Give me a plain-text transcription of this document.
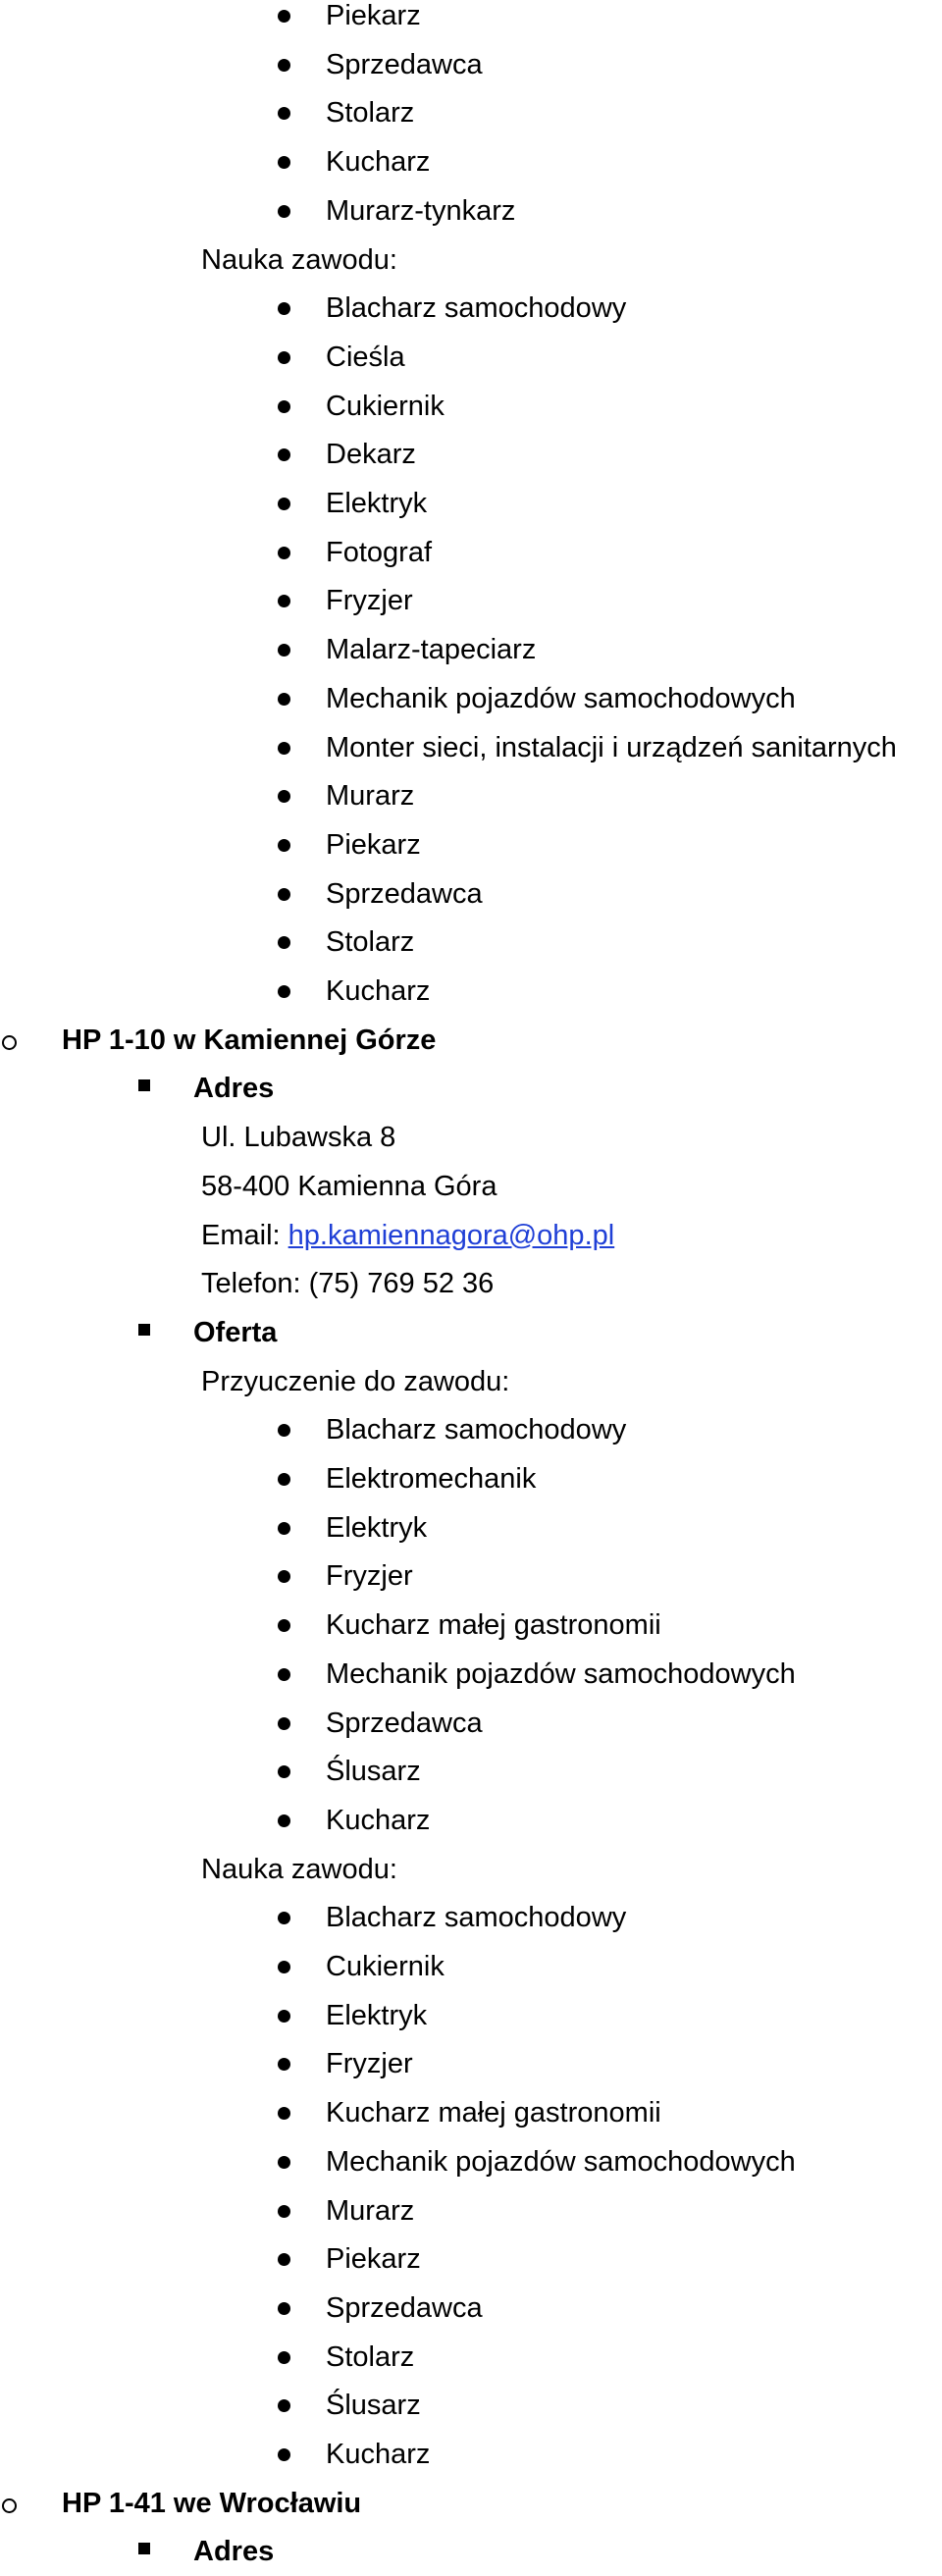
Piekarz
Sprzedawca
Stolarz
Kucharz
Murarz-tynkarz
Nauka zawodu:
Blacharz samochodowy
Cieśla
Cukiernik
Dekarz
Elektryk
Fotograf
Fryzjer
Malarz-tapeciarz
Mechanik pojazdów samochodowych
Monter sieci, instalacji i urządzeń sanitarnych
Murarz
Piekarz
Sprzedawca
Stolarz
Kucharz
HP 1-10 w Kamiennej Górze
Adres
Ul. Lubawska 8
58-400 Kamienna Góra
Email: hp.kamiennagora@ohp.pl
Telefon: (75) 769 52 36
Oferta
Przyuczenie do zawodu:
Blacharz samochodowy
Elektromechanik
Elektryk
Fryzjer
Kucharz małej gastronomii
Mechanik pojazdów samochodowych
Sprzedawca
Ślusarz
Kucharz
Nauka zawodu:
Blacharz samochodowy
Cukiernik
Elektryk
Fryzjer
Kucharz małej gastronomii
Mechanik pojazdów samochodowych
Murarz
Piekarz
Sprzedawca
Stolarz
Ślusarz
Kucharz
HP 1-41 we Wrocławiu
Adres
